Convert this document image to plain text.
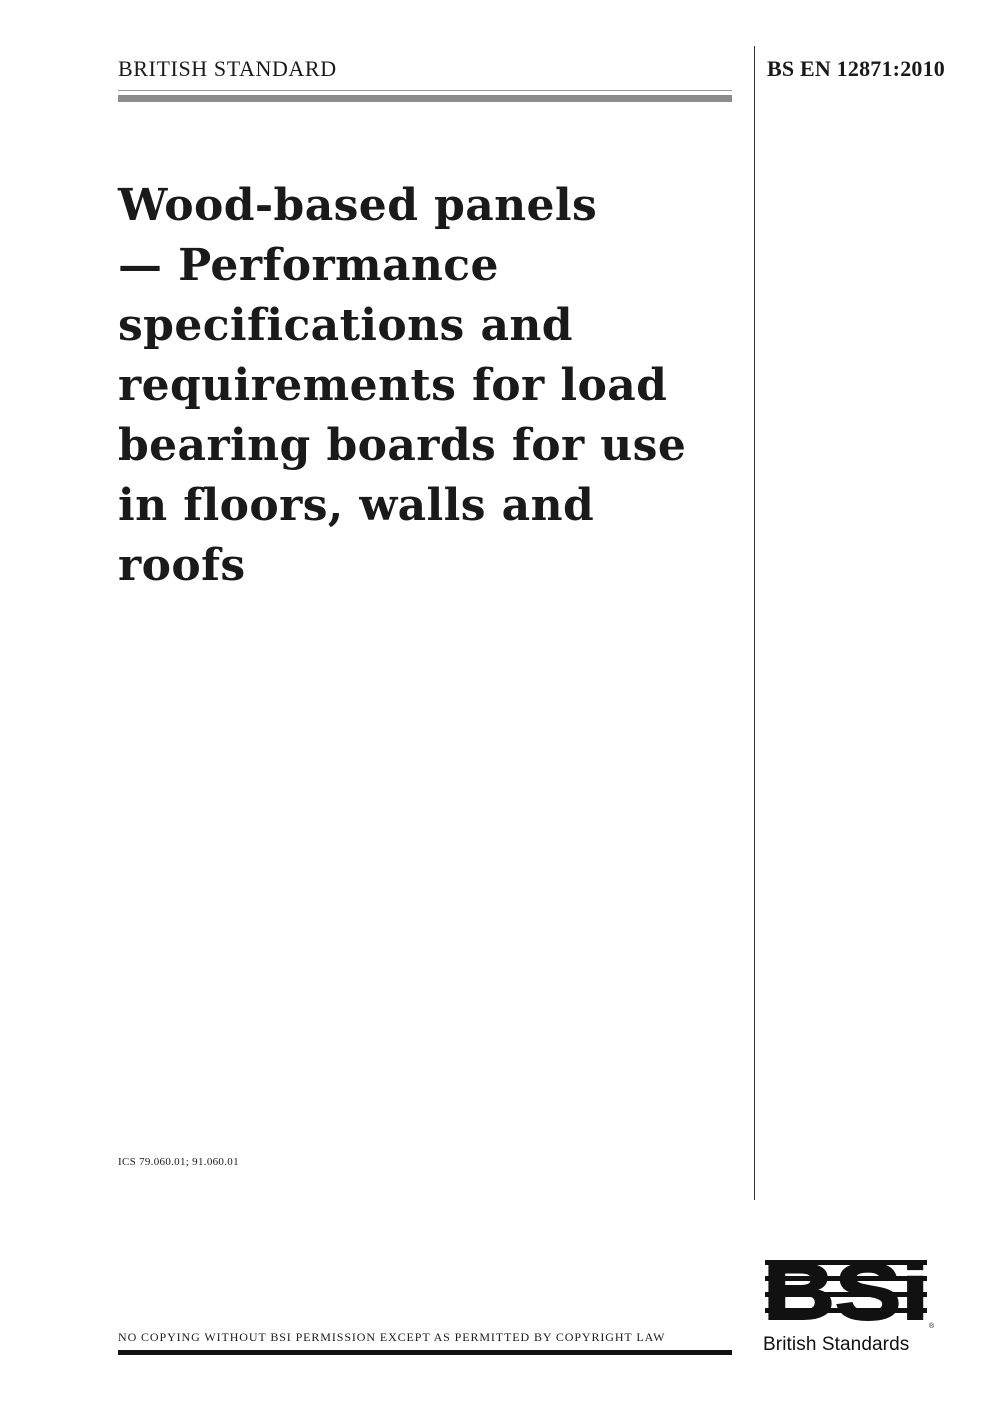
BRITISH STANDARD	BS EN 12871:2010
Wood-based panels
— Performance
specifications and
requirements for load
bearing boards for use
in floors, walls and
roofs
ICS 79.060.01; 91.060.01
NO COPYING WITHOUT BSI PERMISSION EXCEPT AS PERMITTED BY COPYRIGHT LAW
BSi ®
British Standards
